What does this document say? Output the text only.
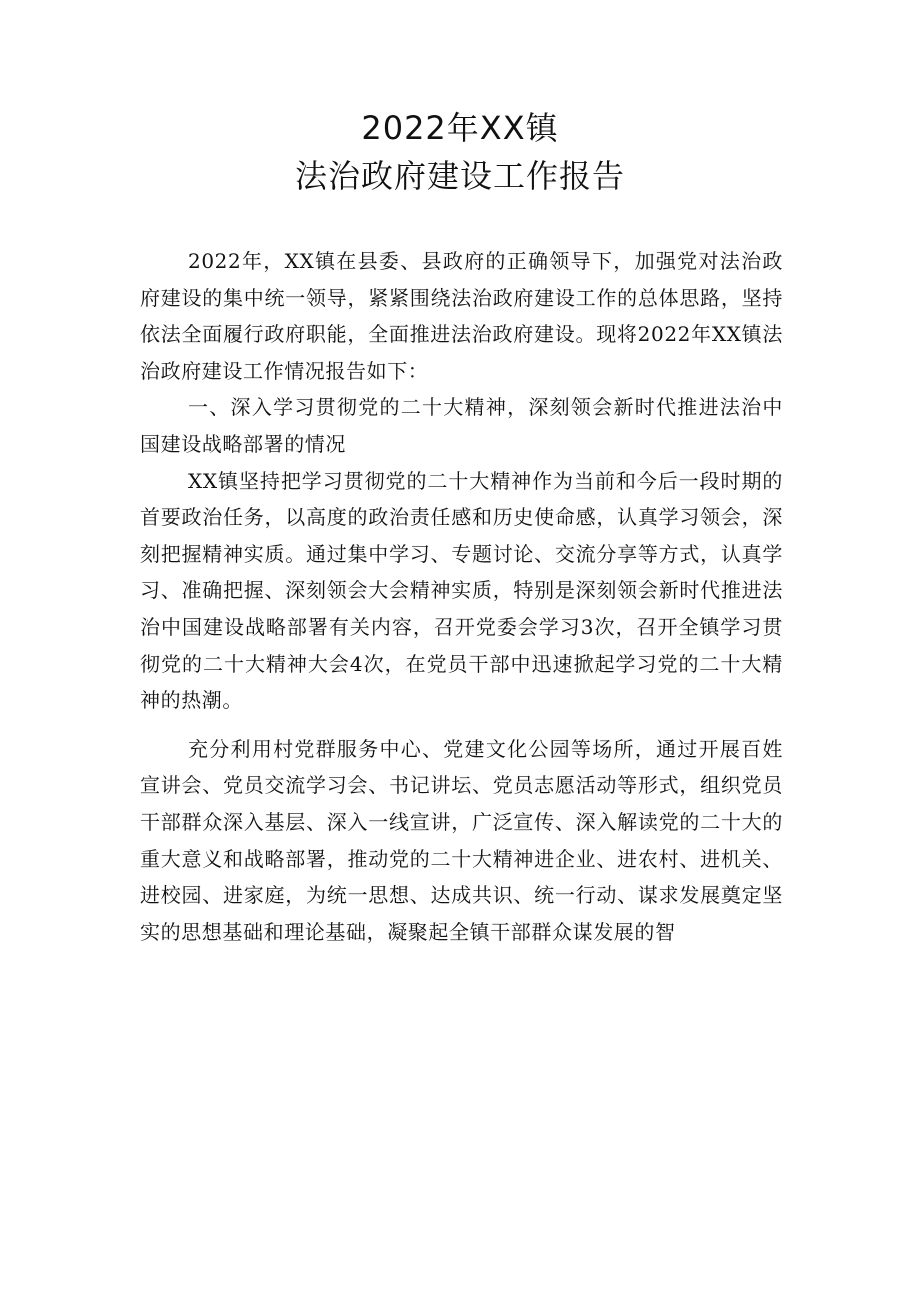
2022年XX镇
法治政府建设工作报告

2022年，XX镇在县委、县政府的正确领导下，加强党对法治政府建设的集中统一领导，紧紧围绕法治政府建设工作的总体思路，坚持依法全面履行政府职能，全面推进法治政府建设。现将2022年XX镇法治政府建设工作情况报告如下：

一、深入学习贯彻党的二十大精神，深刻领会新时代推进法治中国建设战略部署的情况

XX镇坚持把学习贯彻党的二十大精神作为当前和今后一段时期的首要政治任务，以高度的政治责任感和历史使命感，认真学习领会，深刻把握精神实质。通过集中学习、专题讨论、交流分享等方式，认真学习、准确把握、深刻领会大会精神实质，特别是深刻领会新时代推进法治中国建设战略部署有关内容，召开党委会学习3次，召开全镇学习贯彻党的二十大精神大会4次，在党员干部中迅速掀起学习党的二十大精神的热潮。

充分利用村党群服务中心、党建文化公园等场所，通过开展百姓宣讲会、党员交流学习会、书记讲坛、党员志愿活动等形式，组织党员干部群众深入基层、深入一线宣讲，广泛宣传、深入解读党的二十大的重大意义和战略部署，推动党的二十大精神进企业、进农村、进机关、进校园、进家庭，为统一思想、达成共识、统一行动、谋求发展奠定坚实的思想基础和理论基础，凝聚起全镇干部群众谋发展的智
